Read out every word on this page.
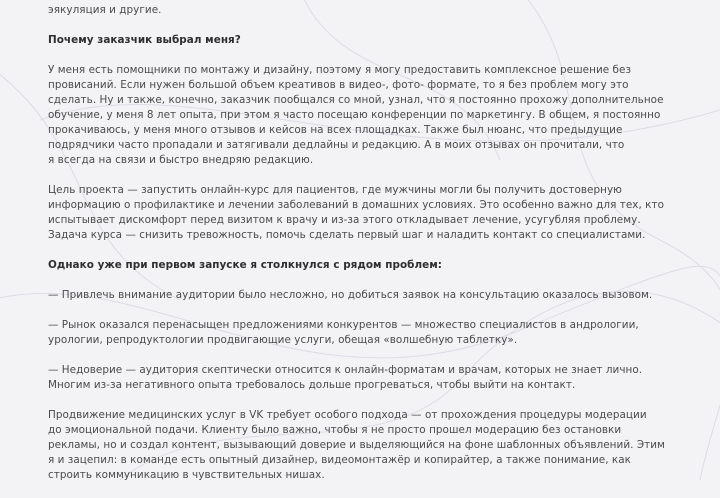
эякуляция и другие.

Почему заказчик выбрал меня?

У меня есть помощники по монтажу и дизайну, поэтому я могу предоставить комплексное решение без
провисаний. Если нужен большой объем креативов в видео-, фото- формате, то я без проблем могу это
сделать. Ну и также, конечно, заказчик пообщался со мной, узнал, что я постоянно прохожу дополнительное
обучение, у меня 8 лет опыта, при этом я часто посещаю конференции по маркетингу. В общем, я постоянно
прокачиваюсь, у меня много отзывов и кейсов на всех площадках. Также был нюанс, что предыдущие
подрядчики часто пропадали и затягивали дедлайны и редакцию. А в моих отзывах он прочитали, что
я всегда на связи и быстро внедряю редакцию.

Цель проекта — запустить онлайн-курс для пациентов, где мужчины могли бы получить достоверную
информацию о профилактике и лечении заболеваний в домашних условиях. Это особенно важно для тех, кто
испытывает дискомфорт перед визитом к врачу и из-за этого откладывает лечение, усугубляя проблему.
Задача курса — снизить тревожность, помочь сделать первый шаг и наладить контакт со специалистами.

Однако уже при первом запуске я столкнулся с рядом проблем:

— Привлечь внимание аудитории было несложно, но добиться заявок на консультацию оказалось вызовом.

— Рынок оказался перенасыщен предложениями конкурентов — множество специалистов в андрологии,
урологии, репродуктологии продвигающие услуги, обещая «волшебную таблетку».

— Недоверие — аудитория скептически относится к онлайн-форматам и врачам, которых не знает лично.
Многим из-за негативного опыта требовалось дольше прогреваться, чтобы выйти на контакт.

Продвижение медицинских услуг в VK требует особого подхода — от прохождения процедуры модерации
до эмоциональной подачи. Клиенту было важно, чтобы я не просто прошел модерацию без остановки
рекламы, но и создал контент, вызывающий доверие и выделяющийся на фоне шаблонных объявлений. Этим
я и зацепил: в команде есть опытный дизайнер, видеомонтажёр и копирайтер, а также понимание, как
строить коммуникацию в чувствительных нишах.
